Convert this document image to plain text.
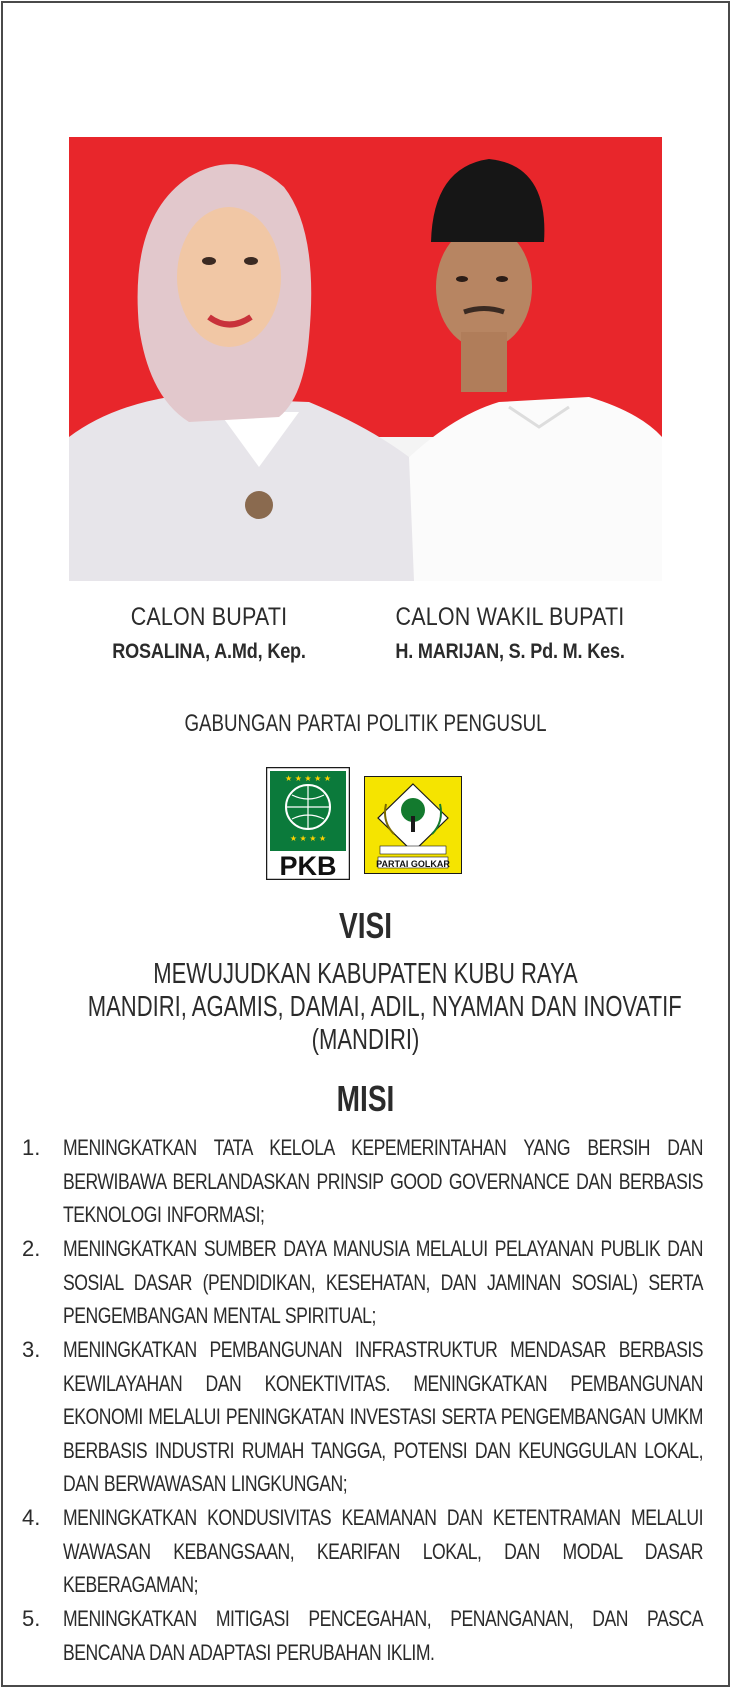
CALON BUPATI
ROSALINA, A.Md, Kep.
CALON WAKIL BUPATI
H. MARIJAN, S. Pd. M. Kes.
GABUNGAN PARTAI POLITIK PENGUSUL
★ ★ ★ ★ ★
★ ★ ★ ★
PKB	PARTAI GOLKAR
VISI
MEWUJUDKAN KABUPATEN KUBU RAYA
MANDIRI, AGAMIS, DAMAI, ADIL, NYAMAN DAN INOVATIF
(MANDIRI)
MISI
1. MENINGKATKAN TATA KELOLA KEPEMERINTAHAN YANG BERSIH DAN BERWIBAWA BERLANDASKAN PRINSIP GOOD GOVERNANCE DAN BERBASIS TEKNOLOGI INFORMASI;
2. MENINGKATKAN SUMBER DAYA MANUSIA MELALUI PELAYANAN PUBLIK DAN SOSIAL DASAR (PENDIDIKAN, KESEHATAN, DAN JAMINAN SOSIAL) SERTA PENGEMBANGAN MENTAL SPIRITUAL;
3. MENINGKATKAN PEMBANGUNAN INFRASTRUKTUR MENDASAR BERBASIS KEWILAYAHAN DAN KONEKTIVITAS. MENINGKATKAN PEMBANGUNAN EKONOMI MELALUI PENINGKATAN INVESTASI SERTA PENGEMBANGAN UMKM BERBASIS INDUSTRI RUMAH TANGGA, POTENSI DAN KEUNGGULAN LOKAL, DAN BERWAWASAN LINGKUNGAN;
4. MENINGKATKAN KONDUSIVITAS KEAMANAN DAN KETENTRAMAN MELALUI WAWASAN KEBANGSAAN, KEARIFAN LOKAL, DAN MODAL DASAR KEBERAGAMAN;
5. MENINGKATKAN MITIGASI PENCEGAHAN, PENANGANAN, DAN PASCA BENCANA DAN ADAPTASI PERUBAHAN IKLIM.
